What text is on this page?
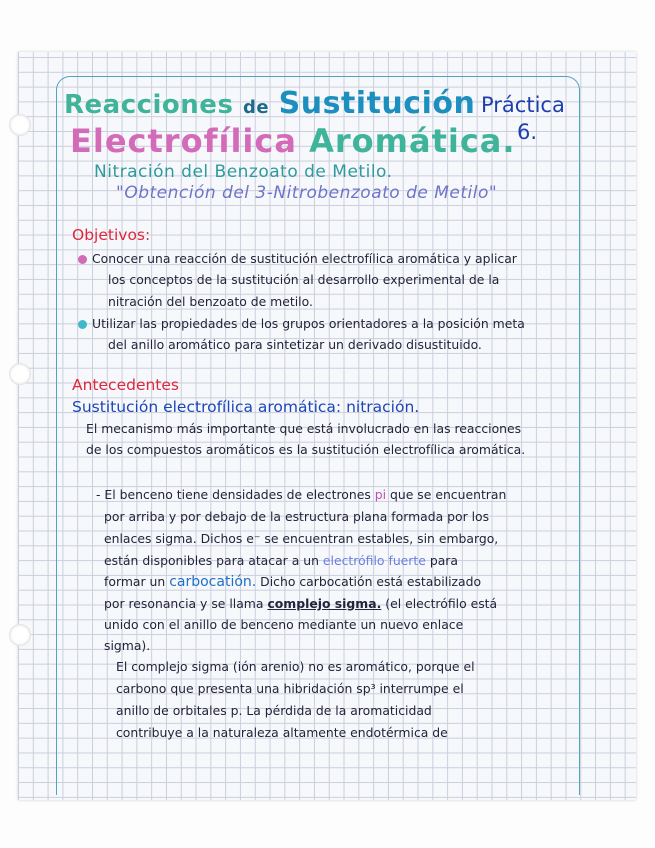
Reacciones de Sustitución Práctica
6.
Electrofílica Aromática.
Nitración del Benzoato de Metilo.
"Obtención del 3-Nitrobenzoato de Metilo"
Objetivos:
Conocer una reacción de sustitución electrofílica aromática y aplicar
los conceptos de la sustitución al desarrollo experimental de la
nitración del benzoato de metilo.
Utilizar las propiedades de los grupos orientadores a la posición meta
del anillo aromático para sintetizar un derivado disustituido.
Antecedentes
Sustitución electrofílica aromática: nitración.
El mecanismo más importante que está involucrado en las reacciones
de los compuestos aromáticos es la sustitución electrofílica aromática.
- El benceno tiene densidades de electrones pi que se encuentran
por arriba y por debajo de la estructura plana formada por los
enlaces sigma. Dichos e⁻ se encuentran estables, sin embargo,
están disponibles para atacar a un electrófilo fuerte para
formar un carbocatión. Dicho carbocatión está estabilizado
por resonancia y se llama complejo sigma. (el electrófilo está
unido con el anillo de benceno mediante un nuevo enlace
sigma).
El complejo sigma (ión arenio) no es aromático, porque el
carbono que presenta una hibridación sp³ interrumpe el
anillo de orbitales p. La pérdida de la aromaticidad
contribuye a la naturaleza altamente endotérmica de
